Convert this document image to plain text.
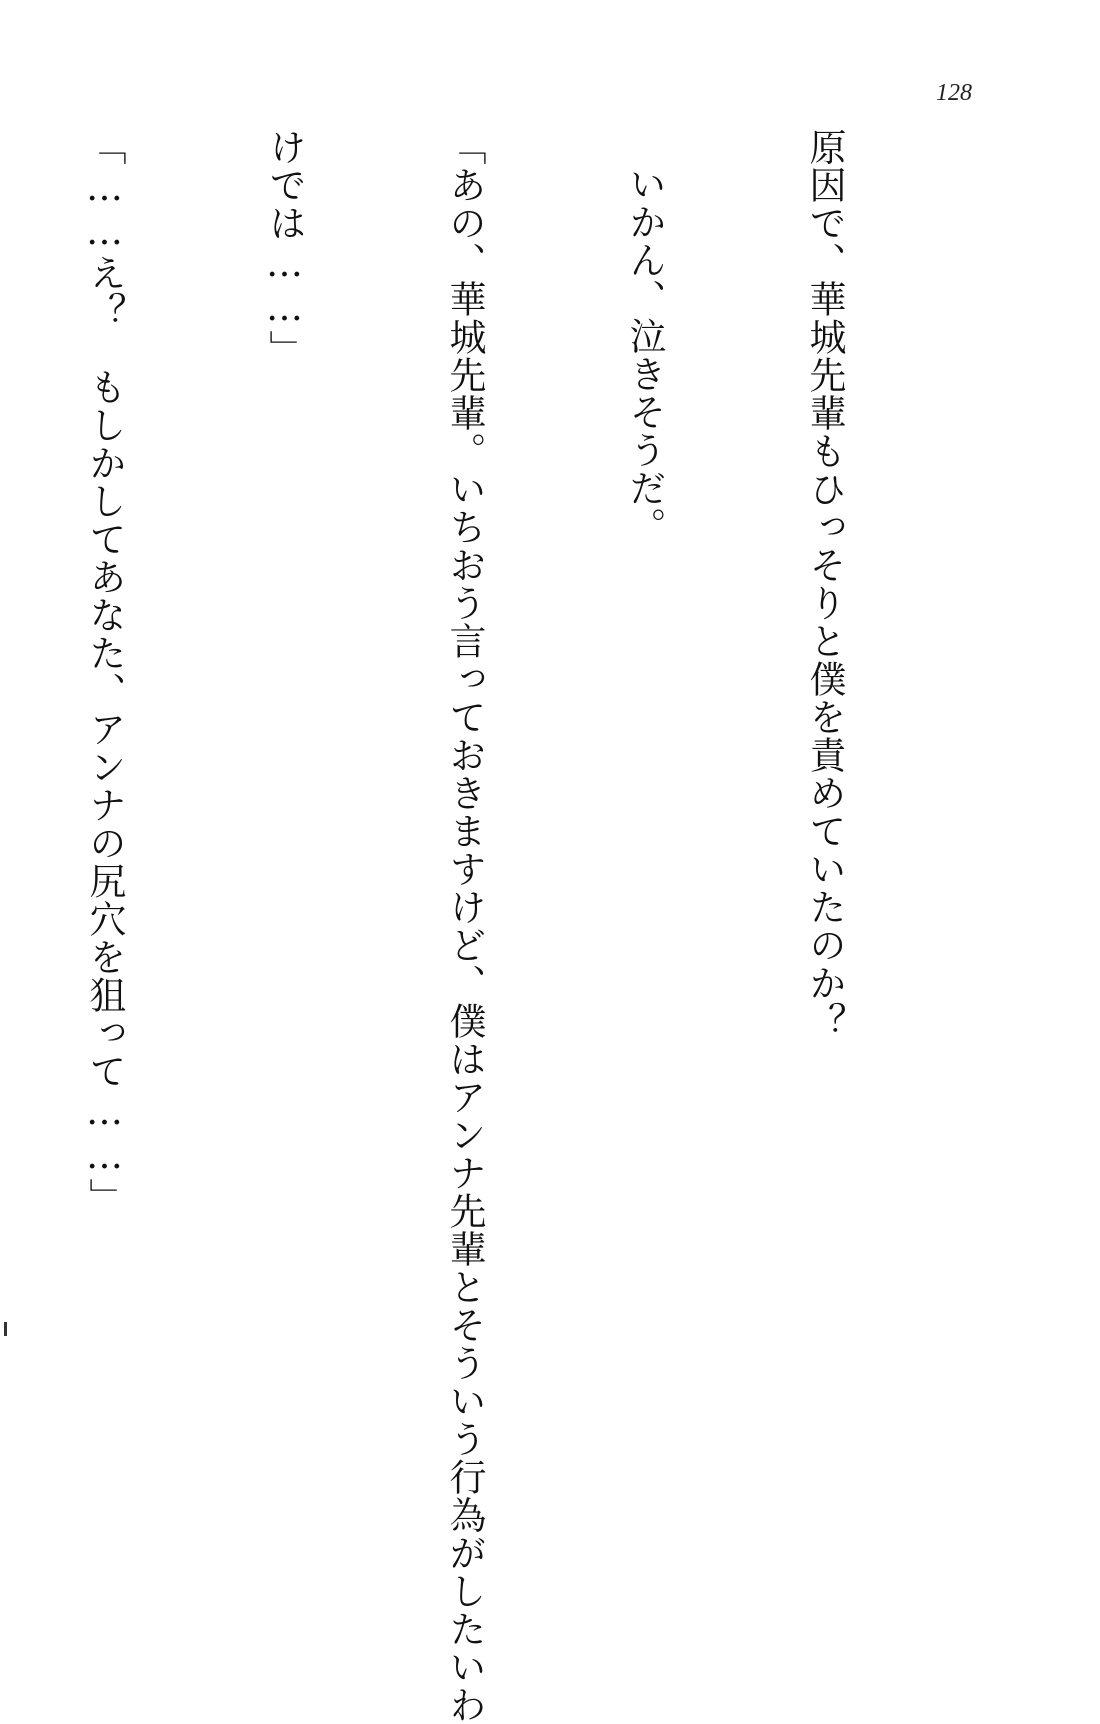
128

原因で、華城先輩もひっそりと僕を責めていたのか？

いかん、泣きそうだ。

「あの、華城先輩。いちおう言っておきますけど、僕はアンナ先輩とそういう行為がしたいわ

けでは……」

「……え？　もしかしてあなた、アンナの尻穴を狙って……」
